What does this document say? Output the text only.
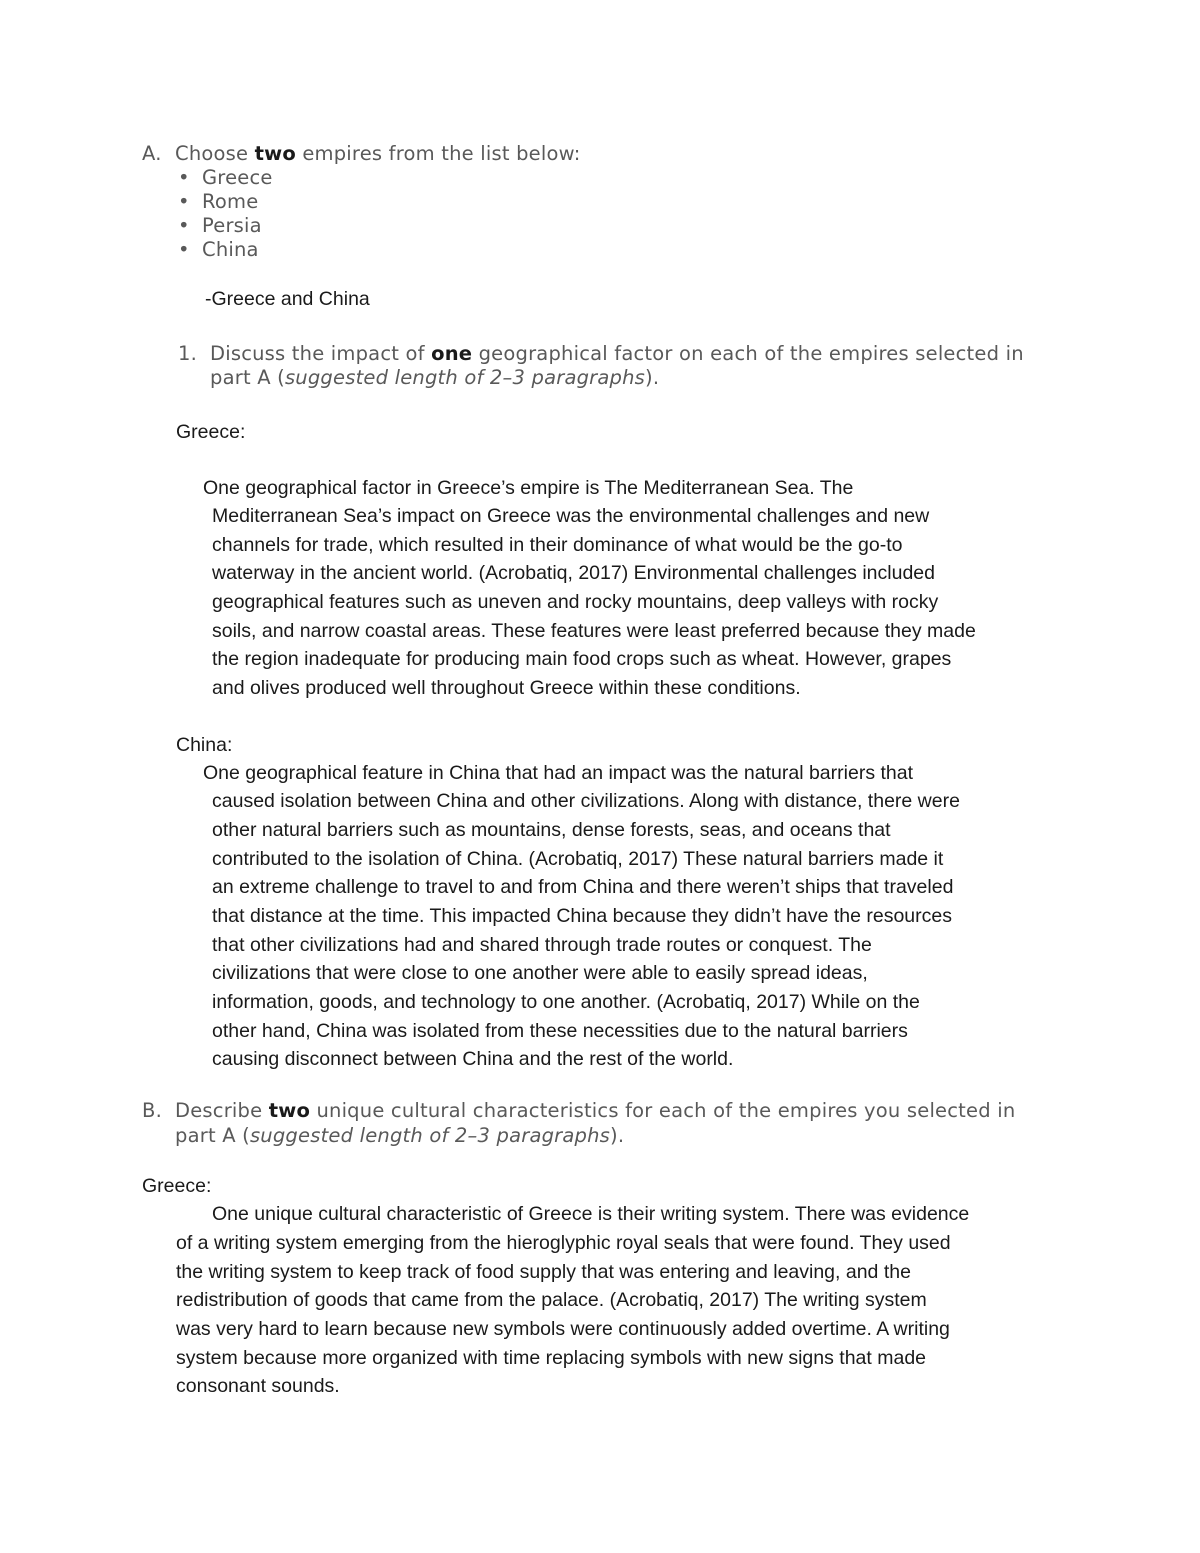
A. Choose two empires from the list below:
• Greece
• Rome
• Persia
• China
-Greece and China
1. Discuss the impact of one geographical factor on each of the empires selected in
part A (suggested length of 2–3 paragraphs).
Greece:
One geographical factor in Greece’s empire is The Mediterranean Sea. The
Mediterranean Sea’s impact on Greece was the environmental challenges and new
channels for trade, which resulted in their dominance of what would be the go-to
waterway in the ancient world. (Acrobatiq, 2017) Environmental challenges included
geographical features such as uneven and rocky mountains, deep valleys with rocky
soils, and narrow coastal areas. These features were least preferred because they made
the region inadequate for producing main food crops such as wheat. However, grapes
and olives produced well throughout Greece within these conditions.
China:
One geographical feature in China that had an impact was the natural barriers that
caused isolation between China and other civilizations. Along with distance, there were
other natural barriers such as mountains, dense forests, seas, and oceans that
contributed to the isolation of China. (Acrobatiq, 2017) These natural barriers made it
an extreme challenge to travel to and from China and there weren’t ships that traveled
that distance at the time. This impacted China because they didn’t have the resources
that other civilizations had and shared through trade routes or conquest. The
civilizations that were close to one another were able to easily spread ideas,
information, goods, and technology to one another. (Acrobatiq, 2017) While on the
other hand, China was isolated from these necessities due to the natural barriers
causing disconnect between China and the rest of the world.
B. Describe two unique cultural characteristics for each of the empires you selected in
part A (suggested length of 2–3 paragraphs).
Greece:
One unique cultural characteristic of Greece is their writing system. There was evidence
of a writing system emerging from the hieroglyphic royal seals that were found. They used
the writing system to keep track of food supply that was entering and leaving, and the
redistribution of goods that came from the palace. (Acrobatiq, 2017) The writing system
was very hard to learn because new symbols were continuously added overtime. A writing
system because more organized with time replacing symbols with new signs that made
consonant sounds.
